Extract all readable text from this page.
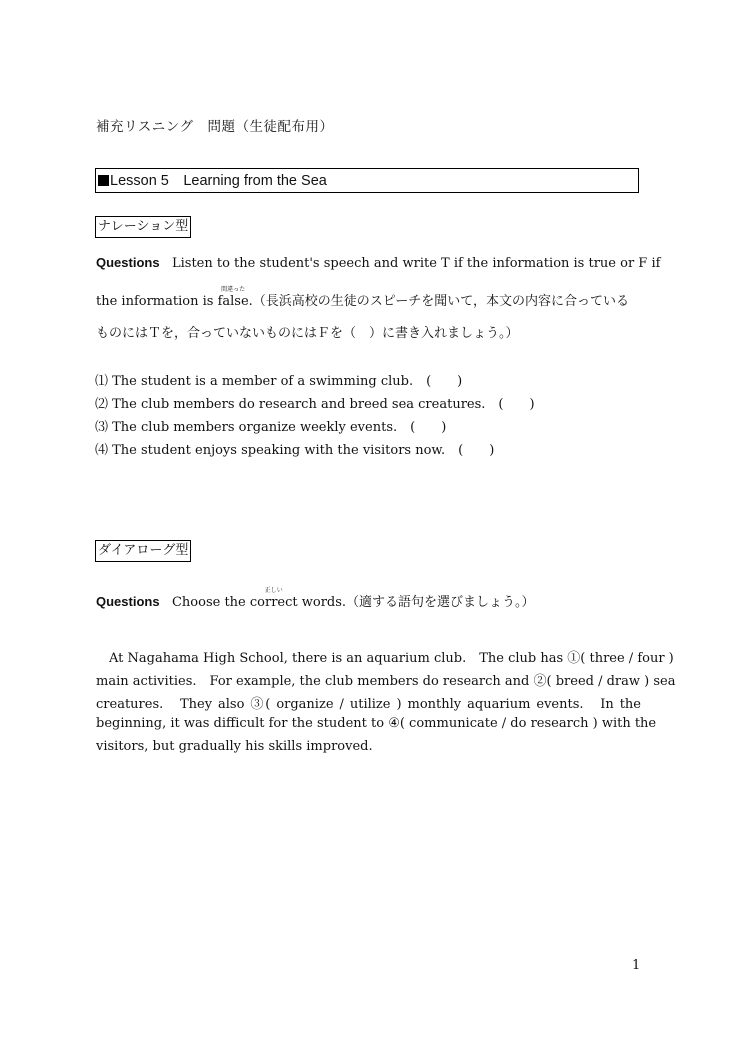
補充リスニング　問題（生徒配布用）
Lesson 5　Learning from the Sea
ナレーション型
Questions Listen to the student's speech and write T if the information is true or F if
the information is
間違った
false.（長浜高校の生徒のスピーチを聞いて，本文の内容に合っている
ものにはＴを，合っていないものにはＦを（　）に書き入れましょう。）
⑴ The student is a member of a swimming club.　(　　)
⑵ The club members do research and breed sea creatures.　(　　)
⑶ The club members organize weekly events.　(　　)
⑷ The student enjoys speaking with the visitors now.　(　　)
ダイアローグ型
Questions Choose the
正しい
correct words.（適する語句を選びましょう。）
　At Nagahama High School, there is an aquarium club.　The club has ①( three / four )
main activities.　For example, the club members do research and ②( breed / draw ) sea
creatures.　They also ③( organize / utilize ) monthly aquarium events.　In the
beginning, it was difficult for the student to ④( communicate / do research ) with the
visitors, but gradually his skills improved.
1
